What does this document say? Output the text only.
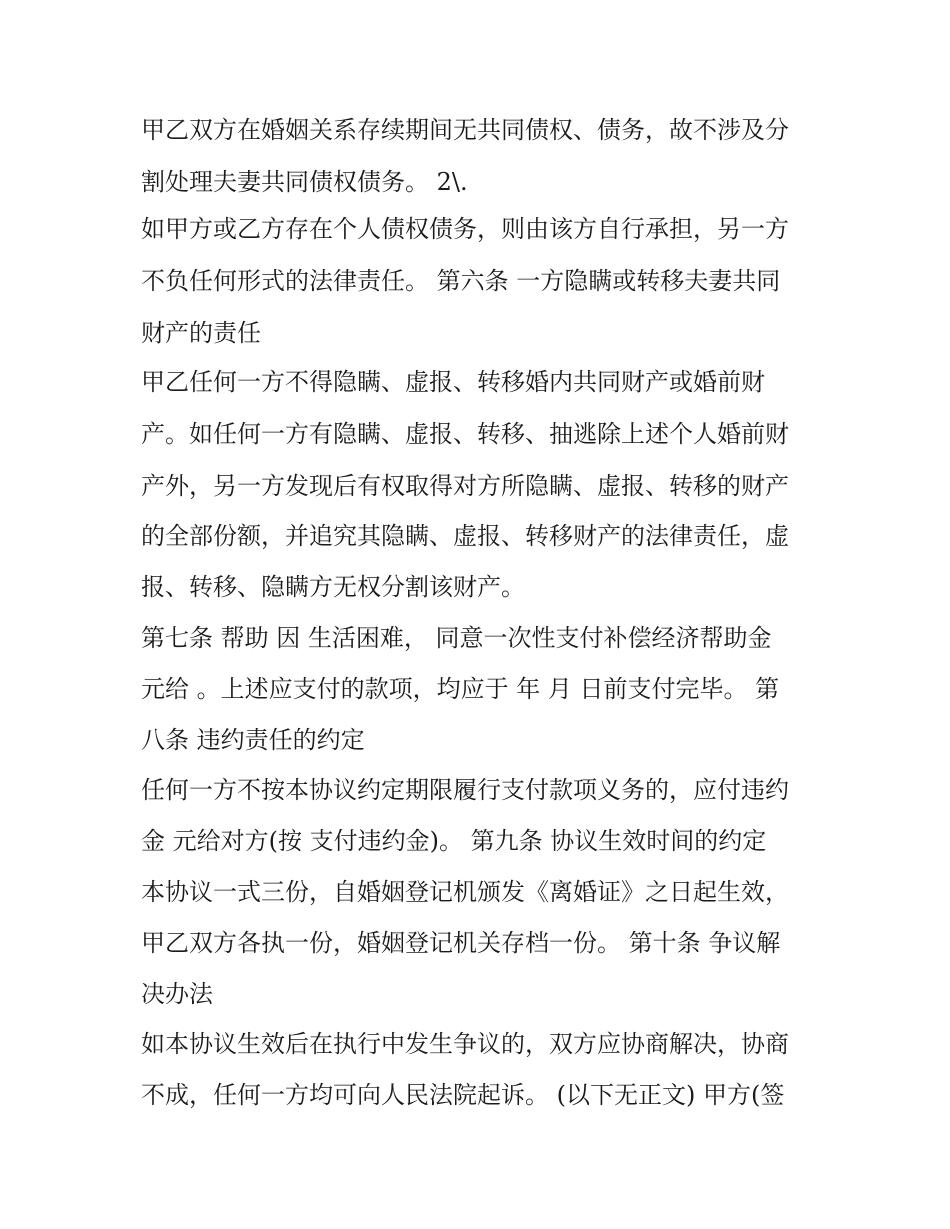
甲乙双方在婚姻关系存续期间无共同债权、债务，故不涉及分
割处理夫妻共同债权债务。 2\.
如甲方或乙方存在个人债权债务，则由该方自行承担，另一方
不负任何形式的法律责任。 第六条 一方隐瞒或转移夫妻共同
财产的责任
甲乙任何一方不得隐瞒、虚报、转移婚内共同财产或婚前财
产。如任何一方有隐瞒、虚报、转移、抽逃除上述个人婚前财
产外，另一方发现后有权取得对方所隐瞒、虚报、转移的财产
的全部份额，并追究其隐瞒、虚报、转移财产的法律责任，虚
报、转移、隐瞒方无权分割该财产。
第七条 帮助 因 生活困难， 同意一次性支付补偿经济帮助金
元给 。上述应支付的款项，均应于 年 月 日前支付完毕。 第
八条 违约责任的约定
任何一方不按本协议约定期限履行支付款项义务的，应付违约
金 元给对方(按 支付违约金)。 第九条 协议生效时间的约定
本协议一式三份，自婚姻登记机颁发《离婚证》之日起生效，
甲乙双方各执一份，婚姻登记机关存档一份。 第十条 争议解
决办法
如本协议生效后在执行中发生争议的，双方应协商解决，协商
不成，任何一方均可向人民法院起诉。 (以下无正文) 甲方(签
